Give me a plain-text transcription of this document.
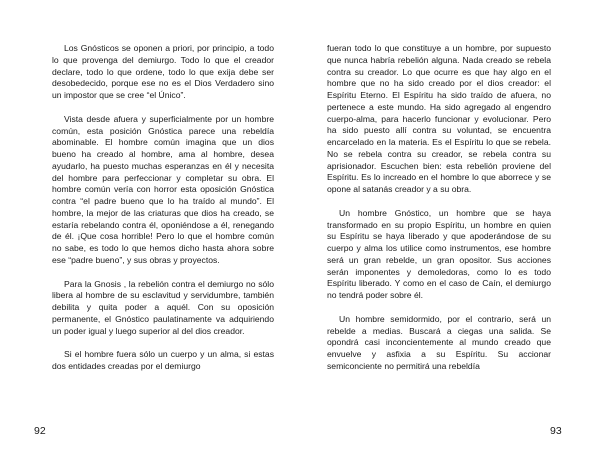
Los Gnósticos se oponen a priori, por principio, a todo lo que provenga del demiurgo. Todo lo que el creador declare, todo lo que ordene, todo lo que exija debe ser desobedecido, porque ese no es el Dios Verdadero sino un impostor que se cree “el Único”.

Vista desde afuera y superficialmente por un hombre común, esta posición Gnóstica parece una rebeldía abominable. El hombre común imagina que un dios bueno ha creado al hombre, ama al hombre, desea ayudarlo, ha puesto muchas esperanzas en él y necesita del hombre para perfeccionar y completar su obra. El hombre común vería con horror esta oposición Gnóstica contra “el padre bueno que lo ha traído al mundo”. El hombre, la mejor de las criaturas que dios ha creado, se estaría rebelando contra él, oponiéndose a él, renegando de él. ¡Que cosa horrible! Pero lo que el hombre común no sabe, es todo lo que hemos dicho hasta ahora sobre ese “padre bueno”, y sus obras y proyectos.

Para la Gnosis , la rebelión contra el demiurgo no sólo libera al hombre de su esclavitud y servidumbre, también debilita y quita poder a aquél. Con su oposición permanente, el Gnóstico paulatinamente va adquiriendo un poder igual y luego superior al del dios creador.

Si el hombre fuera sólo un cuerpo y un alma, si estas dos entidades creadas por el demiurgo

92

fueran todo lo que constituye a un hombre, por supuesto que nunca habría rebelión alguna. Nada creado se rebela contra su creador. Lo que ocurre es que hay algo en el hombre que no ha sido creado por el dios creador: el Espíritu Eterno. El Espíritu ha sido traído de afuera, no pertenece a este mundo. Ha sido agregado al engendro cuerpo-alma, para hacerlo funcionar y evolucionar. Pero ha sido puesto allí contra su voluntad, se encuentra encarcelado en la materia. Es el Espíritu lo que se rebela. No se rebela contra su creador, se rebela contra su aprisionador. Escuchen bien: esta rebelión proviene del Espíritu. Es lo increado en el hombre lo que aborrece y se opone al satanás creador y a su obra.

Un hombre Gnóstico, un hombre que se haya transformado en su propio Espíritu, un hombre en quien su Espíritu se haya liberado y que apoderándose de su cuerpo y alma los utilice como instrumentos, ese hombre será un gran rebelde, un gran opositor. Sus acciones serán imponentes y demoledoras, como lo es todo Espíritu liberado. Y como en el caso de Caín, el demiurgo no tendrá poder sobre él.

Un hombre semidormido, por el contrario, será un rebelde a medias. Buscará a ciegas una salida. Se opondrá casi inconcientemente al mundo creado que envuelve y asfixia a su Espíritu. Su accionar semiconciente no permitirá una rebeldía

93
